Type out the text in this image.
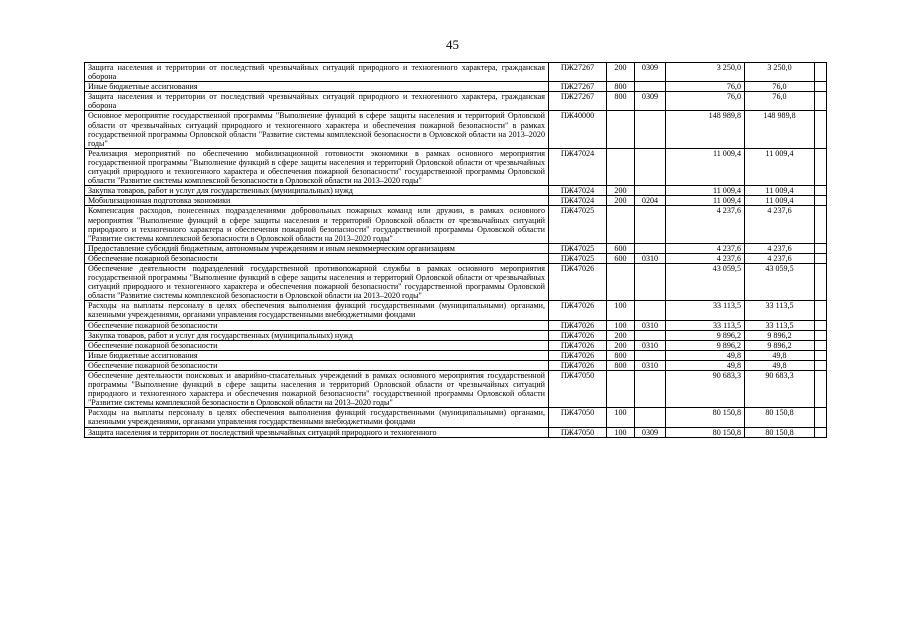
45
Защита населения и территории от последствий чрезвычайных ситуаций природного и техногенного характера, гражданская оборона	ПЖ27267	200	0309	3 250,0	3 250,0	

Иные бюджетные ассигнования	ПЖ27267	800		76,0	76,0	

Защита населения и территории от последствий чрезвычайных ситуаций природного и техногенного характера, гражданская оборона	ПЖ27267	800	0309	76,0	76,0	

Основное мероприятие государственной программы "Выполнение функций в сфере защиты населения и территорий Орловской области от чрезвычайных ситуаций природного и техногенного характера и обеспечения пожарной безопасности" в рамках государственной программы Орловской области "Развитие системы комплексной безопасности в Орловской области на 2013–2020 годы"	ПЖ40000			148 989,8	148 989,8	

Реализация мероприятий по обеспечению мобилизационной готовности экономики в рамках основного мероприятия государственной программы "Выполнение функций в сфере защиты населения и территорий Орловской области от чрезвычайных ситуаций природного и техногенного характера и обеспечения пожарной безопасности" государственной программы Орловской области "Развитие системы комплексной безопасности в Орловской области на 2013–2020 годы"	ПЖ47024			11 009,4	11 009,4	

Закупка товаров, работ и услуг для государственных (муниципальных) нужд	ПЖ47024	200		11 009,4	11 009,4	

Мобилизационная подготовка экономики	ПЖ47024	200	0204	11 009,4	11 009,4	

Компенсация расходов, понесенных подразделениями добровольных пожарных команд или дружин, в рамках основного мероприятия "Выполнение функций в сфере защиты населения и территорий Орловской области от чрезвычайных ситуаций природного и техногенного характера и обеспечения пожарной безопасности" государственной программы Орловской области "Развитие системы комплексной безопасности в Орловской области на 2013–2020 годы"	ПЖ47025			4 237,6	4 237,6	

Предоставление субсидий бюджетным, автономным учреждениям и иным некоммерческим организациям	ПЖ47025	600		4 237,6	4 237,6	

Обеспечение пожарной безопасности	ПЖ47025	600	0310	4 237,6	4 237,6	

Обеспечение деятельности подразделений государственной противопожарной службы в рамках основного мероприятия государственной программы "Выполнение функций в сфере защиты населения и территорий Орловской области от чрезвычайных ситуаций природного и техногенного характера и обеспечения пожарной безопасности" государственной программы Орловской области "Развитие системы комплексной безопасности в Орловской области на 2013–2020 годы"	ПЖ47026			43 059,5	43 059,5	

Расходы на выплаты персоналу в целях обеспечения выполнения функций государственными (муниципальными) органами, казенными учреждениями, органами управления государственными внебюджетными фондами	ПЖ47026	100		33 113,5	33 113,5	

Обеспечение пожарной безопасности	ПЖ47026	100	0310	33 113,5	33 113,5	

Закупка товаров, работ и услуг для государственных (муниципальных) нужд	ПЖ47026	200		9 896,2	9 896,2	

Обеспечение пожарной безопасности	ПЖ47026	200	0310	9 896,2	9 896,2	

Иные бюджетные ассигнования	ПЖ47026	800		49,8	49,8	

Обеспечение пожарной безопасности	ПЖ47026	800	0310	49,8	49,8	

Обеспечение деятельности поисковых и аварийно-спасательных учреждений в рамках основного мероприятия государственной программы "Выполнение функций в сфере защиты населения и территорий Орловской области от чрезвычайных ситуаций природного и техногенного характера и обеспечения пожарной безопасности" государственной программы Орловской области "Развитие системы комплексной безопасности в Орловской области на 2013–2020 годы"	ПЖ47050			90 683,3	90 683,3	

Расходы на выплаты персоналу в целях обеспечения выполнения функций государственными (муниципальными) органами, казенными учреждениями, органами управления государственными внебюджетными фондами	ПЖ47050	100		80 150,8	80 150,8	

Защита населения и территории от последствий чрезвычайных ситуаций природного и техногенного	ПЖ47050	100	0309	80 150,8	80 150,8	
